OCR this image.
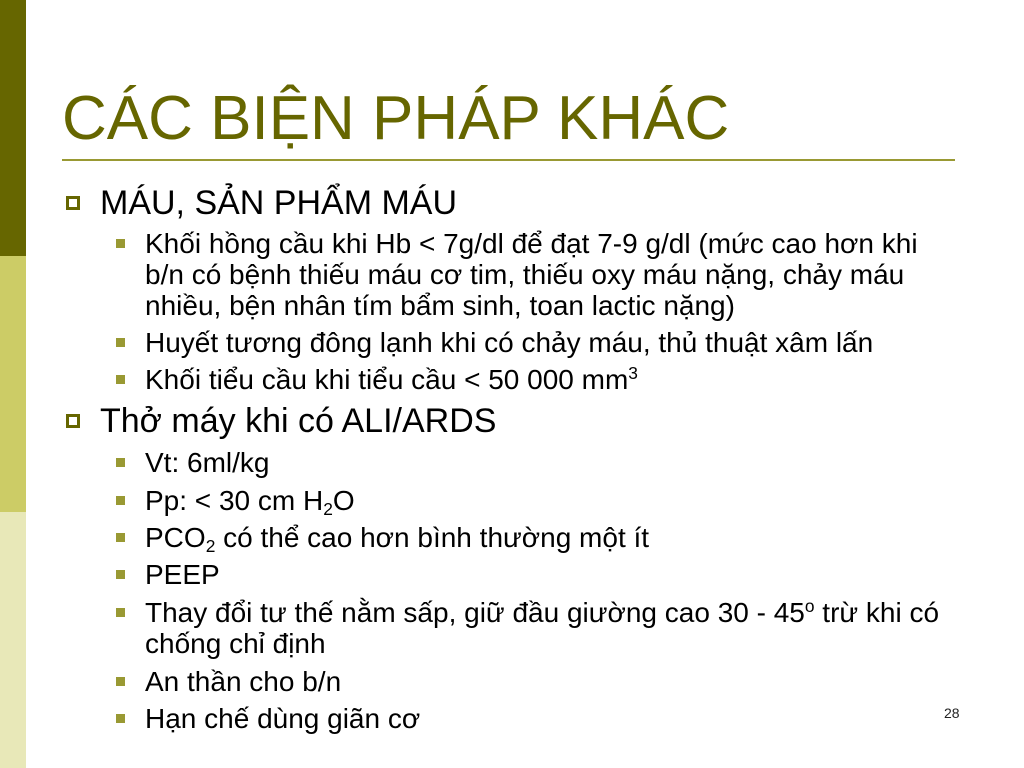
CÁC BIỆN PHÁP KHÁC
MÁU, SẢN PHẨM MÁU
Khối hồng cầu khi Hb < 7g/dl để đạt 7-9 g/dl (mức cao hơn khi
b/n có bệnh thiếu máu cơ tim, thiếu oxy máu nặng, chảy máu
nhiều, bện nhân tím bẩm sinh, toan lactic nặng)
Huyết tương đông lạnh khi có chảy máu, thủ thuật xâm lấn
Khối tiểu cầu khi tiểu cầu < 50 000 $mm^3$
Thở máy khi có ALI/ARDS
Vt: 6ml/kg
Pp: < 30 cm H2O
PCO2 có thể cao hơn bình thường một ít
PEEP
Thay đổi tư thế nằm sấp, giữ đầu giường cao 30 - 45$^o$ trừ khi có
chống chỉ định
An thần cho b/n
Hạn chế dùng giãn cơ	28
